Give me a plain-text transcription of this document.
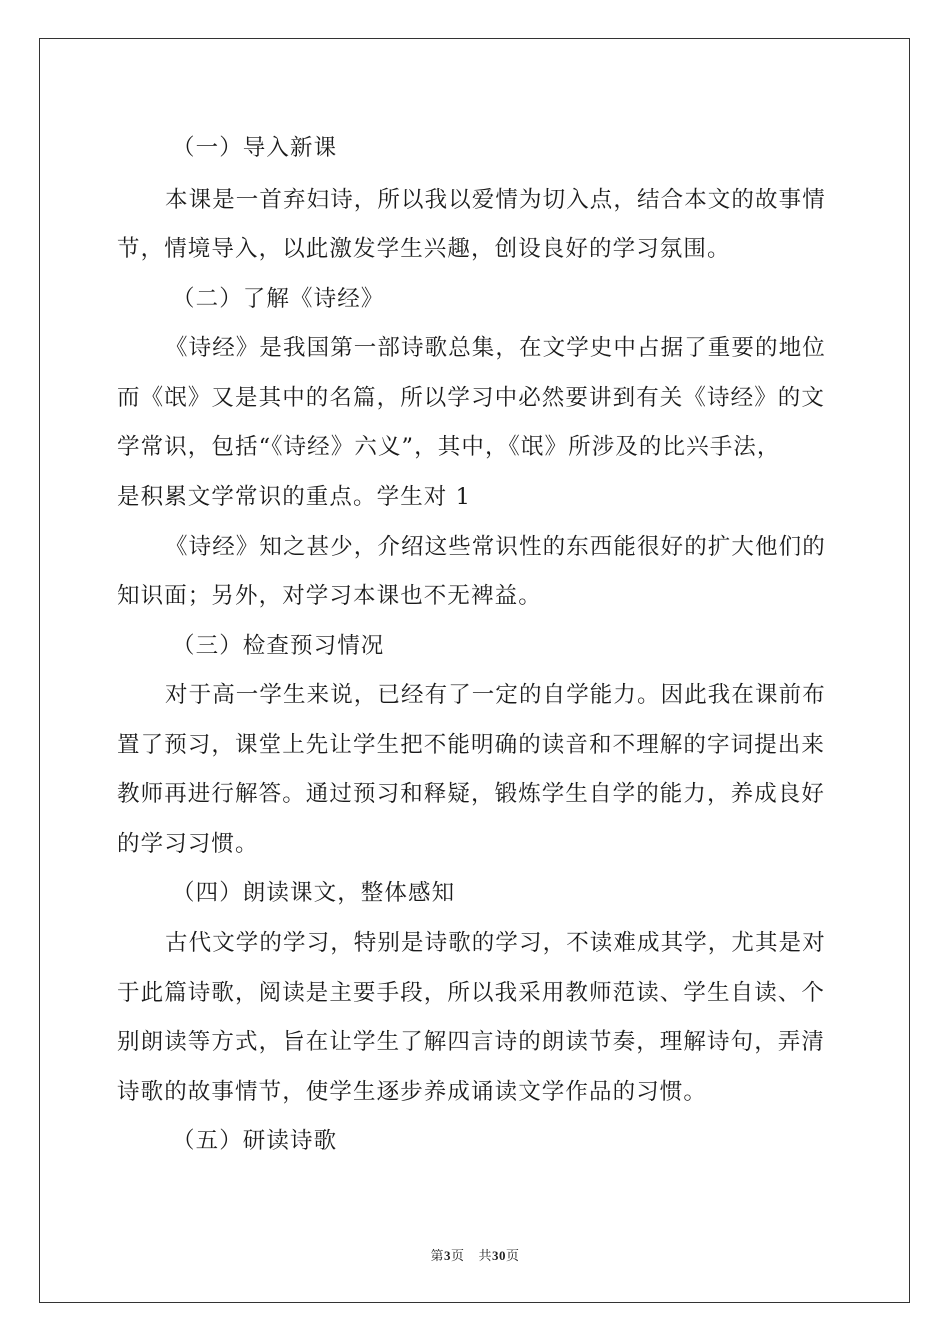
（一）导入新课
本课是一首弃妇诗，所以我以爱情为切入点，结合本文的故事情
节，情境导入，以此激发学生兴趣，创设良好的学习氛围。
（二）了解《诗经》
《诗经》是我国第一部诗歌总集，在文学史中占据了重要的地位
而《氓》又是其中的名篇，所以学习中必然要讲到有关《诗经》的文
学常识，包括“《诗经》六义”，其中，《氓》所涉及的比兴手法，
是积累文学常识的重点。学生对 1
《诗经》知之甚少，介绍这些常识性的东西能很好的扩大他们的
知识面；另外，对学习本课也不无裨益。
（三）检查预习情况
对于高一学生来说，已经有了一定的自学能力。因此我在课前布
置了预习，课堂上先让学生把不能明确的读音和不理解的字词提出来
教师再进行解答。通过预习和释疑，锻炼学生自学的能力，养成良好
的学习习惯。
（四）朗读课文，整体感知
古代文学的学习，特别是诗歌的学习，不读难成其学，尤其是对
于此篇诗歌，阅读是主要手段，所以我采用教师范读、学生自读、个
别朗读等方式，旨在让学生了解四言诗的朗读节奏，理解诗句，弄清
诗歌的故事情节，使学生逐步养成诵读文学作品的习惯。
（五）研读诗歌
第3页 共30页
